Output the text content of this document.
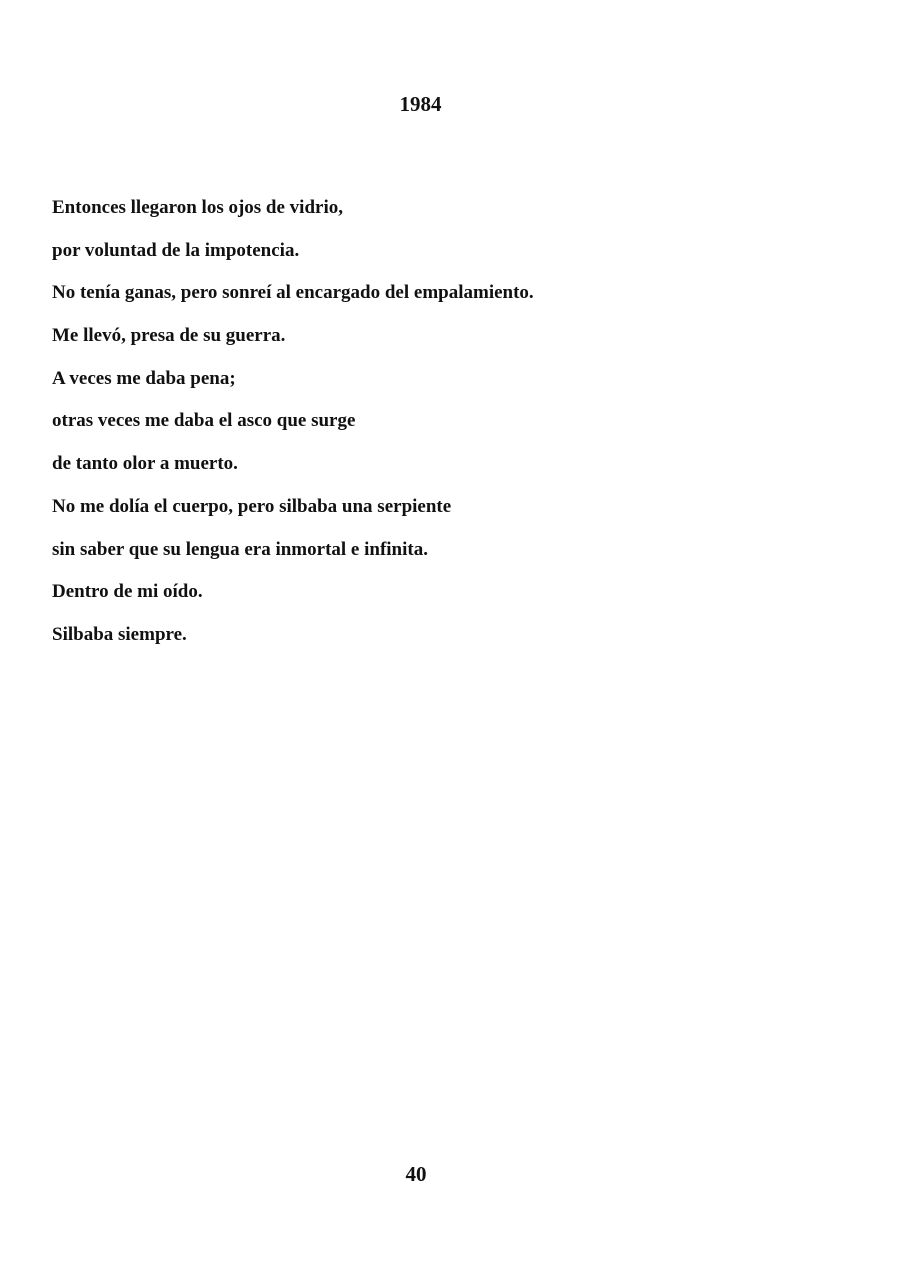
1984
Entonces llegaron los ojos de vidrio,
por voluntad de la impotencia.
No tenía ganas, pero sonreí al encargado del empalamiento.
Me llevó, presa de su guerra.
A veces me daba pena;
otras veces me daba el asco que surge
de tanto olor a muerto.
No me dolía el cuerpo, pero silbaba una serpiente
sin saber que su lengua era inmortal e infinita.
Dentro de mi oído.
Silbaba siempre.
40
